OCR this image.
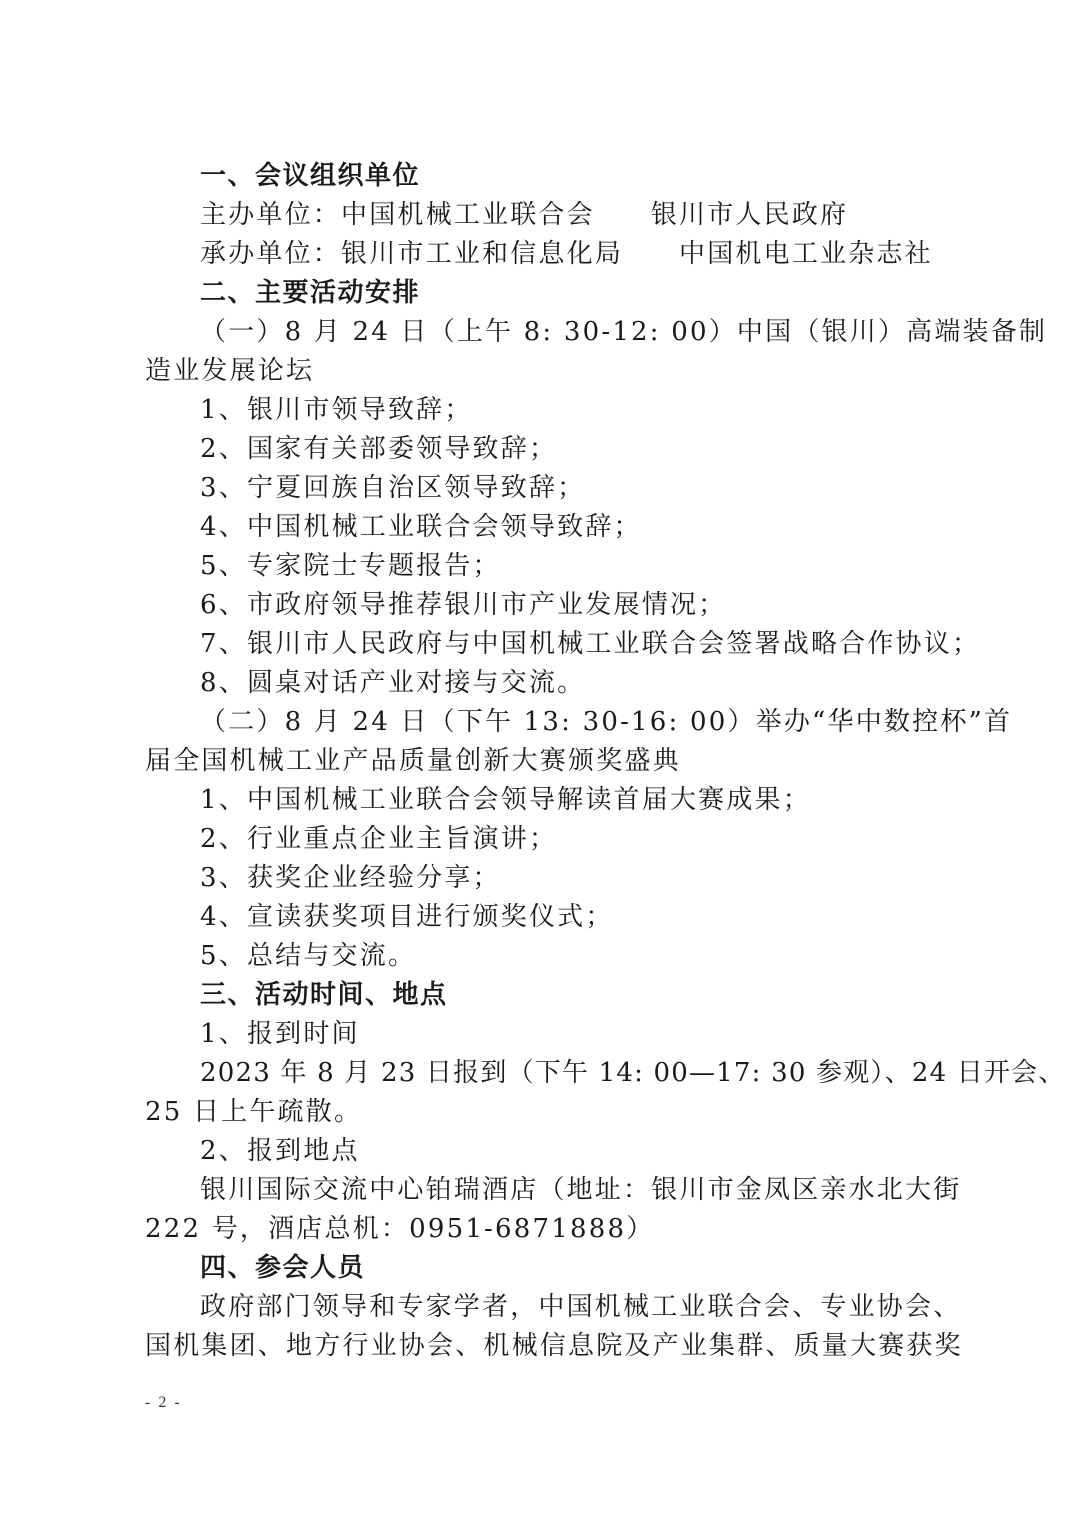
一、会议组织单位
主办单位：中国机械工业联合会 银川市人民政府
承办单位：银川市工业和信息化局 中国机电工业杂志社
二、主要活动安排
（一）8 月 24 日（上午 8: 30-12: 00）中国（银川）高端装备制
造业发展论坛
1、银川市领导致辞；
2、国家有关部委领导致辞；
3、宁夏回族自治区领导致辞；
4、中国机械工业联合会领导致辞；
5、专家院士专题报告；
6、市政府领导推荐银川市产业发展情况；
7、银川市人民政府与中国机械工业联合会签署战略合作协议；
8、圆桌对话产业对接与交流。
（二）8 月 24 日（下午 13: 30-16: 00）举办“华中数控杯”首
届全国机械工业产品质量创新大赛颁奖盛典
1、中国机械工业联合会领导解读首届大赛成果；
2、行业重点企业主旨演讲；
3、获奖企业经验分享；
4、宣读获奖项目进行颁奖仪式；
5、总结与交流。
三、活动时间、地点
1、报到时间
2023 年 8 月 23 日报到（下午 14: 00—17: 30 参观）、24 日开会、
25 日上午疏散。
2、报到地点
银川国际交流中心铂瑞酒店（地址：银川市金凤区亲水北大街
222 号，酒店总机：0951-6871888）
四、参会人员
政府部门领导和专家学者，中国机械工业联合会、专业协会、
国机集团、地方行业协会、机械信息院及产业集群、质量大赛获奖
- 2 -
